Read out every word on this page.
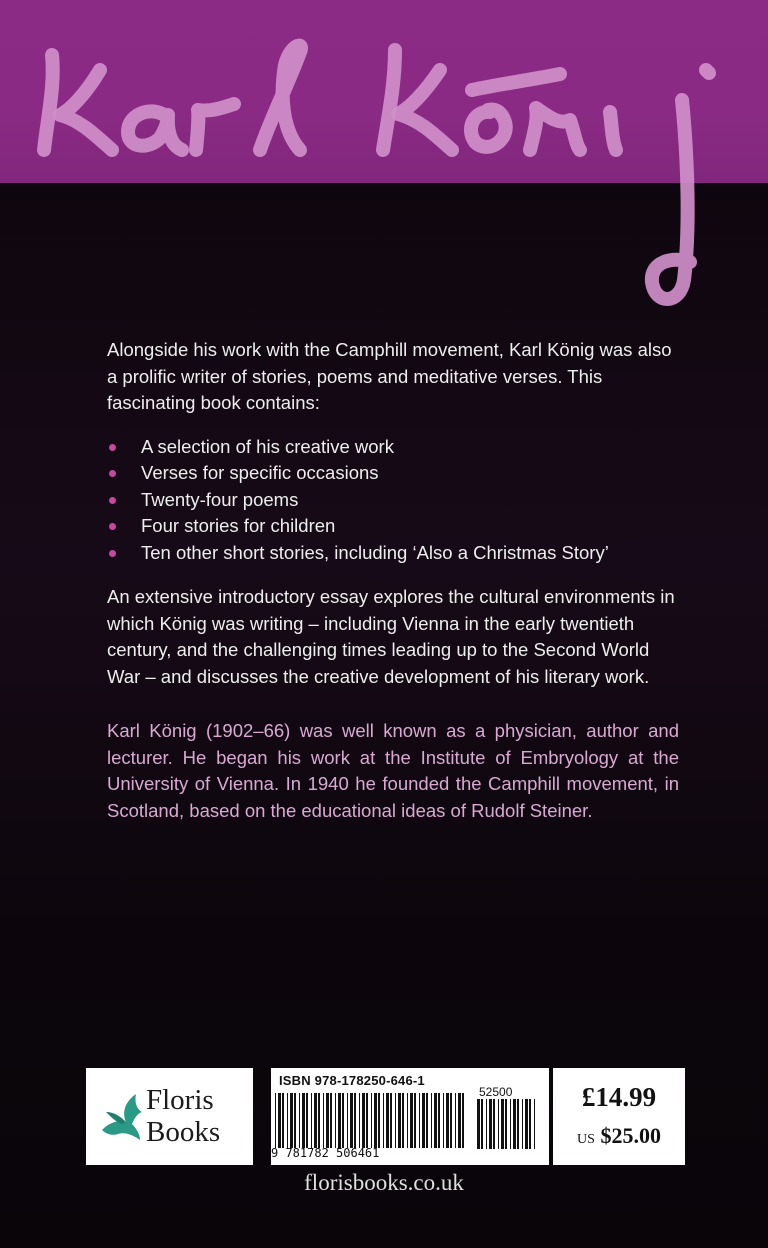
Alongside his work with the Camphill movement, Karl König was also a prolific writer of stories, poems and meditative verses. This fascinating book contains:

A selection of his creative work
Verses for specific occasions
Twenty-four poems
Four stories for children
Ten other short stories, including ‘Also a Christmas Story’

An extensive introductory essay explores the cultural environments in which König was writing – including Vienna in the early twentieth century, and the challenging times leading up to the Second World War – and discusses the creative development of his literary work.

Karl König (1902–66) was well known as a physician, author and lecturer. He began his work at the Institute of Embryology at the University of Vienna. In 1940 he founded the Camphill movement, in Scotland, based on the educational ideas of Rudolf Steiner.

Floris
Books
ISBN 978-178250-646-1
52500
9 781782 506461
£14.99
US $25.00
florisbooks.co.uk
